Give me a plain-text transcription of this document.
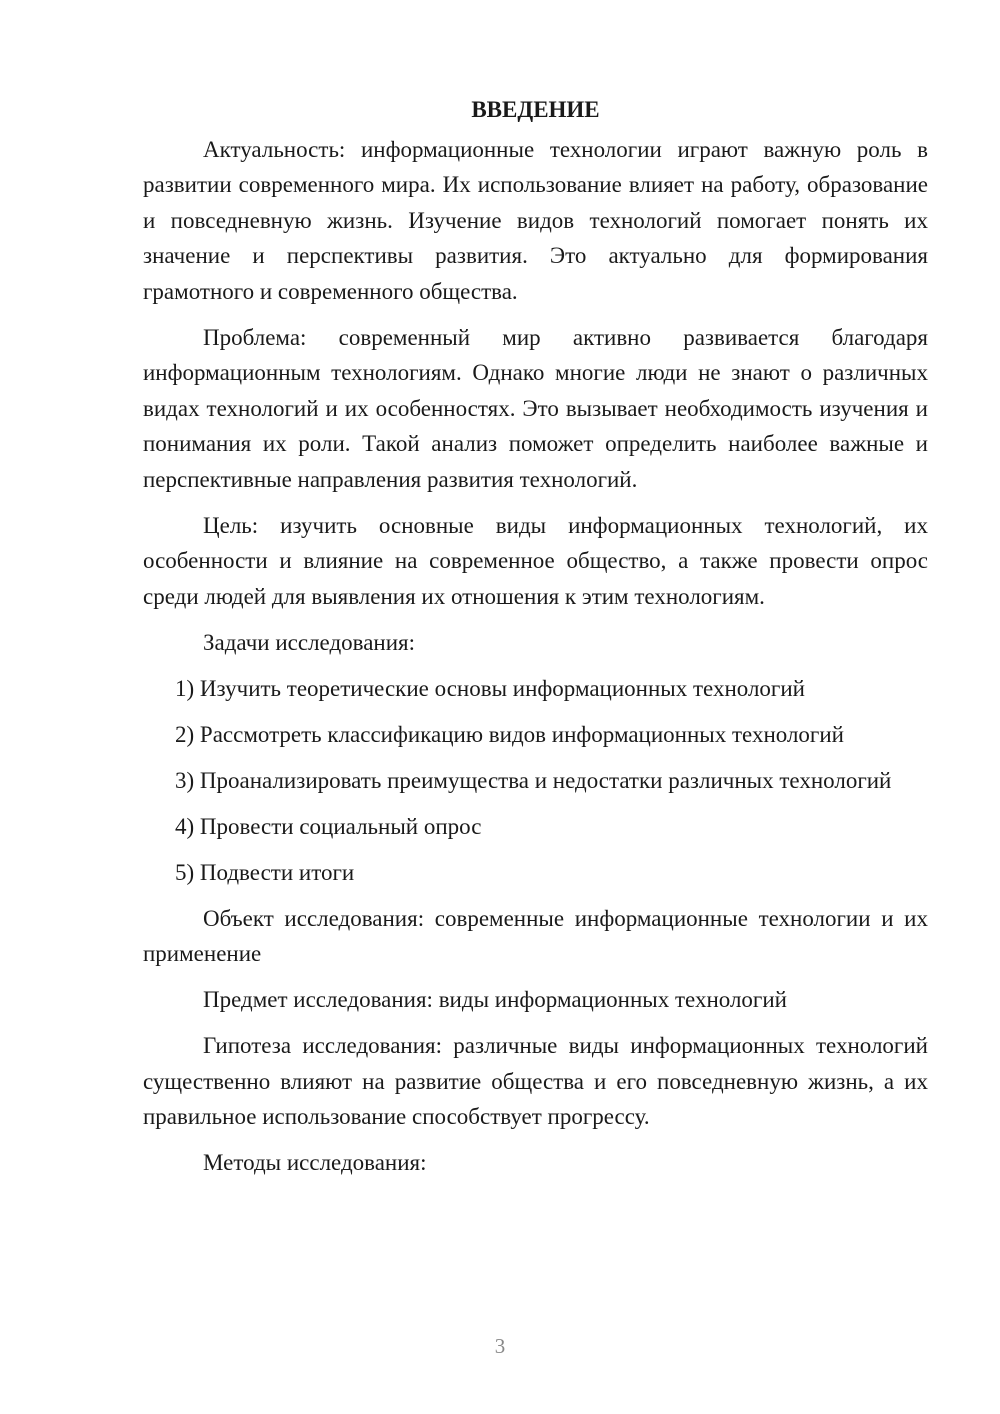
ВВЕДЕНИЕ

Актуальность: информационные технологии играют важную роль в развитии современного мира. Их использование влияет на работу, образование и повседневную жизнь. Изучение видов технологий помогает понять их значение и перспективы развития. Это актуально для формирования грамотного и современного общества.

Проблема: современный мир активно развивается благодаря информационным технологиям. Однако многие люди не знают о различных видах технологий и их особенностях. Это вызывает необходимость изучения и понимания их роли. Такой анализ поможет определить наиболее важные и перспективные направления развития технологий.

Цель: изучить основные виды информационных технологий, их особенности и влияние на современное общество, а также провести опрос среди людей для выявления их отношения к этим технологиям.

Задачи исследования:

1) Изучить теоретические основы информационных технологий

2) Рассмотреть классификацию видов информационных технологий

3) Проанализировать преимущества и недостатки различных технологий

4) Провести социальный опрос

5) Подвести итоги

Объект исследования: современные информационные технологии и их применение

Предмет исследования: виды информационных технологий

Гипотеза исследования: различные виды информационных технологий существенно влияют на развитие общества и его повседневную жизнь, а их правильное использование способствует прогрессу.

Методы исследования:

3
